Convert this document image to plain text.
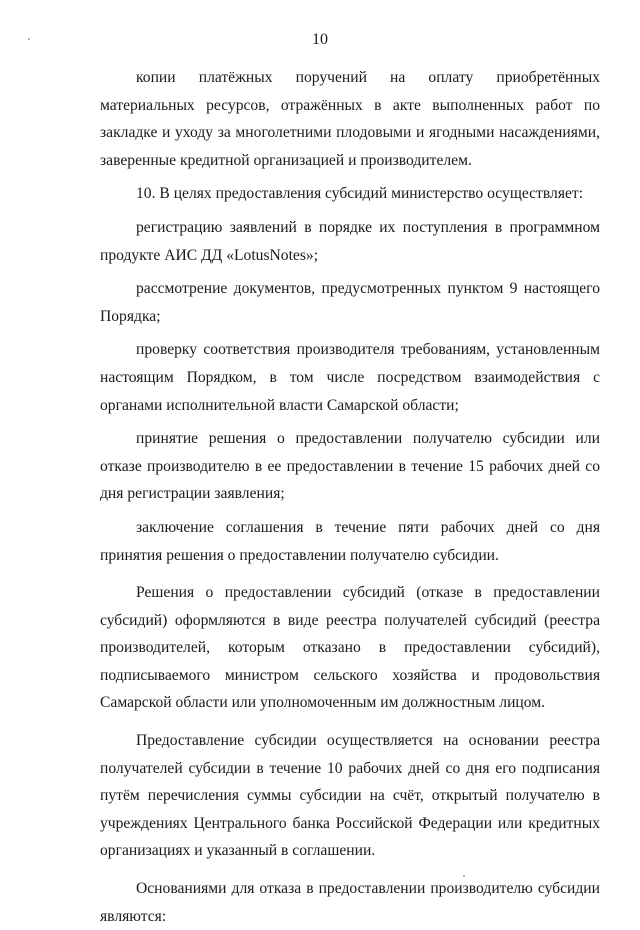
10

копии платёжных поручений на оплату приобретённых материальных ресурсов, отражённых в акте выполненных работ по закладке и уходу за многолетними плодовыми и ягодными насаждениями, заверенные кредитной организацией и производителем.

10. В целях предоставления субсидий министерство осуществляет:

регистрацию заявлений в порядке их поступления в программном продукте АИС ДД «LotusNotes»;

рассмотрение документов, предусмотренных пунктом 9 настоящего Порядка;

проверку соответствия производителя требованиям, установленным настоящим Порядком, в том числе посредством взаимодействия с органами исполнительной власти Самарской области;

принятие решения о предоставлении получателю субсидии или отказе производителю в ее предоставлении в течение 15 рабочих дней со дня регистрации заявления;

заключение соглашения в течение пяти рабочих дней со дня принятия решения о предоставлении получателю субсидии.

Решения о предоставлении субсидий (отказе в предоставлении субсидий) оформляются в виде реестра получателей субсидий (реестра производителей, которым отказано в предоставлении субсидий), подписываемого министром сельского хозяйства и продовольствия Самарской области или уполномоченным им должностным лицом.

Предоставление субсидии осуществляется на основании реестра получателей субсидии в течение 10 рабочих дней со дня его подписания путём перечисления суммы субсидии на счёт, открытый получателю в учреждениях Центрального банка Российской Федерации или кредитных организациях и указанный в соглашении.

Основаниями для отказа в предоставлении производителю субсидии являются:
